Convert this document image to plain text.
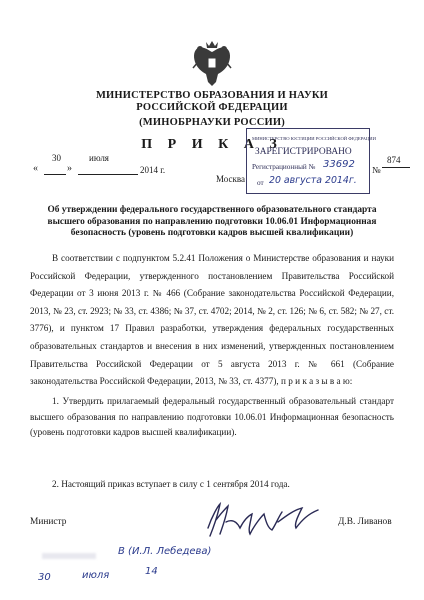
МИНИСТЕРСТВО ОБРАЗОВАНИЯ И НАУКИ
РОССИЙСКОЙ ФЕДЕРАЦИИ
(МИНОБРНАУКИ РОССИИ)
П Р И К А З
30
«	»
июля
2014 г.
Москва
№
874
МИНИСТЕРСТВО ЮСТИЦИИ РОССИЙСКОЙ ФЕДЕРАЦИИ
ЗАРЕГИСТРИРОВАНО
Регистрационный № 33692
от 20 августа 2014г.
Об утверждении федерального государственного образовательного стандарта
высшего образования по направлению подготовки 10.06.01 Информационная
безопасность (уровень подготовки кадров высшей квалификации)

В соответствии с подпунктом 5.2.41 Положения о Министерстве образования и науки Российской Федерации, утвержденного постановлением Правительства Российской Федерации от 3 июня 2013 г. № 466 (Собрание законодательства Российской Федерации, 2013, № 23, ст. 2923; № 33, ст. 4386; № 37, ст. 4702; 2014, № 2, ст. 126; № 6, ст. 582; № 27, ст. 3776), и пунктом 17 Правил разработки, утверждения федеральных государственных образовательных стандартов и внесения в них изменений, утвержденных постановлением Правительства Российской Федерации от 5 августа 2013 г. № 661 (Собрание законодательства Российской Федерации, 2013, № 33, ст. 4377), п р и к а з ы в а ю:

1. Утвердить прилагаемый федеральный государственный образовательный стандарт высшего образования по направлению подготовки 10.06.01 Информационная безопасность (уровень подготовки кадров высшей квалификации).
2. Настоящий приказ вступает в силу с 1 сентября 2014 года.
Министр	Д.В. Ливанов
В (И.Л. Лебедева)
30	июля	14
